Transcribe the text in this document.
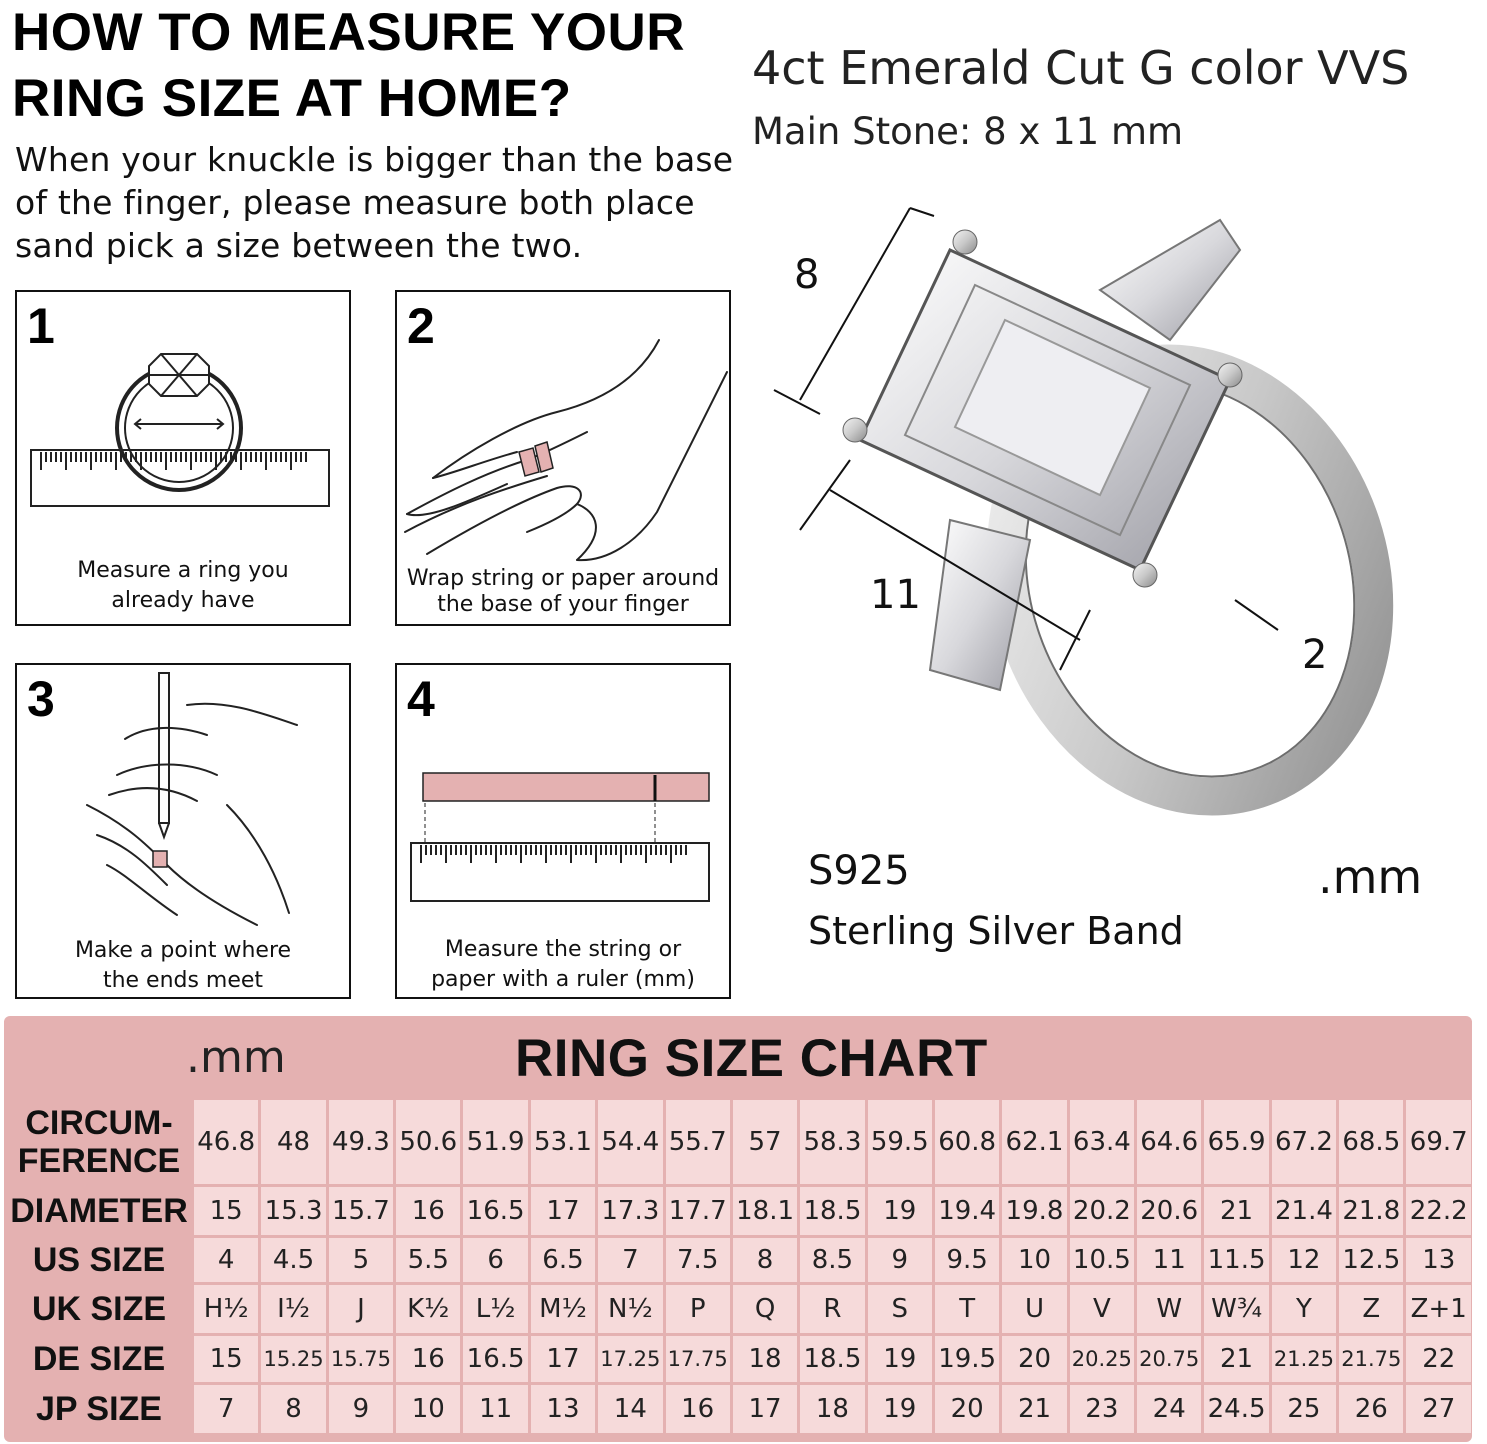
HOW TO MEASURE YOUR
RING SIZE AT HOME?
When your knuckle is bigger than the base of the finger, please measure both place sand pick a size between the two.
1
Measure a ring you
already have
2
Wrap string or paper around
the base of your finger
3
Make a point where
the ends meet
4
Measure the string or
paper with a ruler (mm)
4ct Emerald Cut G color VVS
Main Stone: 8 x 11 mm
8
11
2
S925
Sterling Silver Band
.mm
.mm	RING SIZE CHART
CIRCUM-
FERENCE	46.8	48	49.3	50.6	51.9	53.1	54.4	55.7	57	58.3	59.5	60.8	62.1	63.4	64.6	65.9	67.2	68.5	69.7
DIAMETER	15	15.3	15.7	16	16.5	17	17.3	17.7	18.1	18.5	19	19.4	19.8	20.2	20.6	21	21.4	21.8	22.2
US SIZE	4	4.5	5	5.5	6	6.5	7	7.5	8	8.5	9	9.5	10	10.5	11	11.5	12	12.5	13
UK SIZE	H½	I½	J	K½	L½	M½	N½	P	Q	R	S	T	U	V	W	W¾	Y	Z	Z+1
DE SIZE	15	15.25	15.75	16	16.5	17	17.25	17.75	18	18.5	19	19.5	20	20.25	20.75	21	21.25	21.75	22
JP SIZE	7	8	9	10	11	13	14	16	17	18	19	20	21	23	24	24.5	25	26	27
